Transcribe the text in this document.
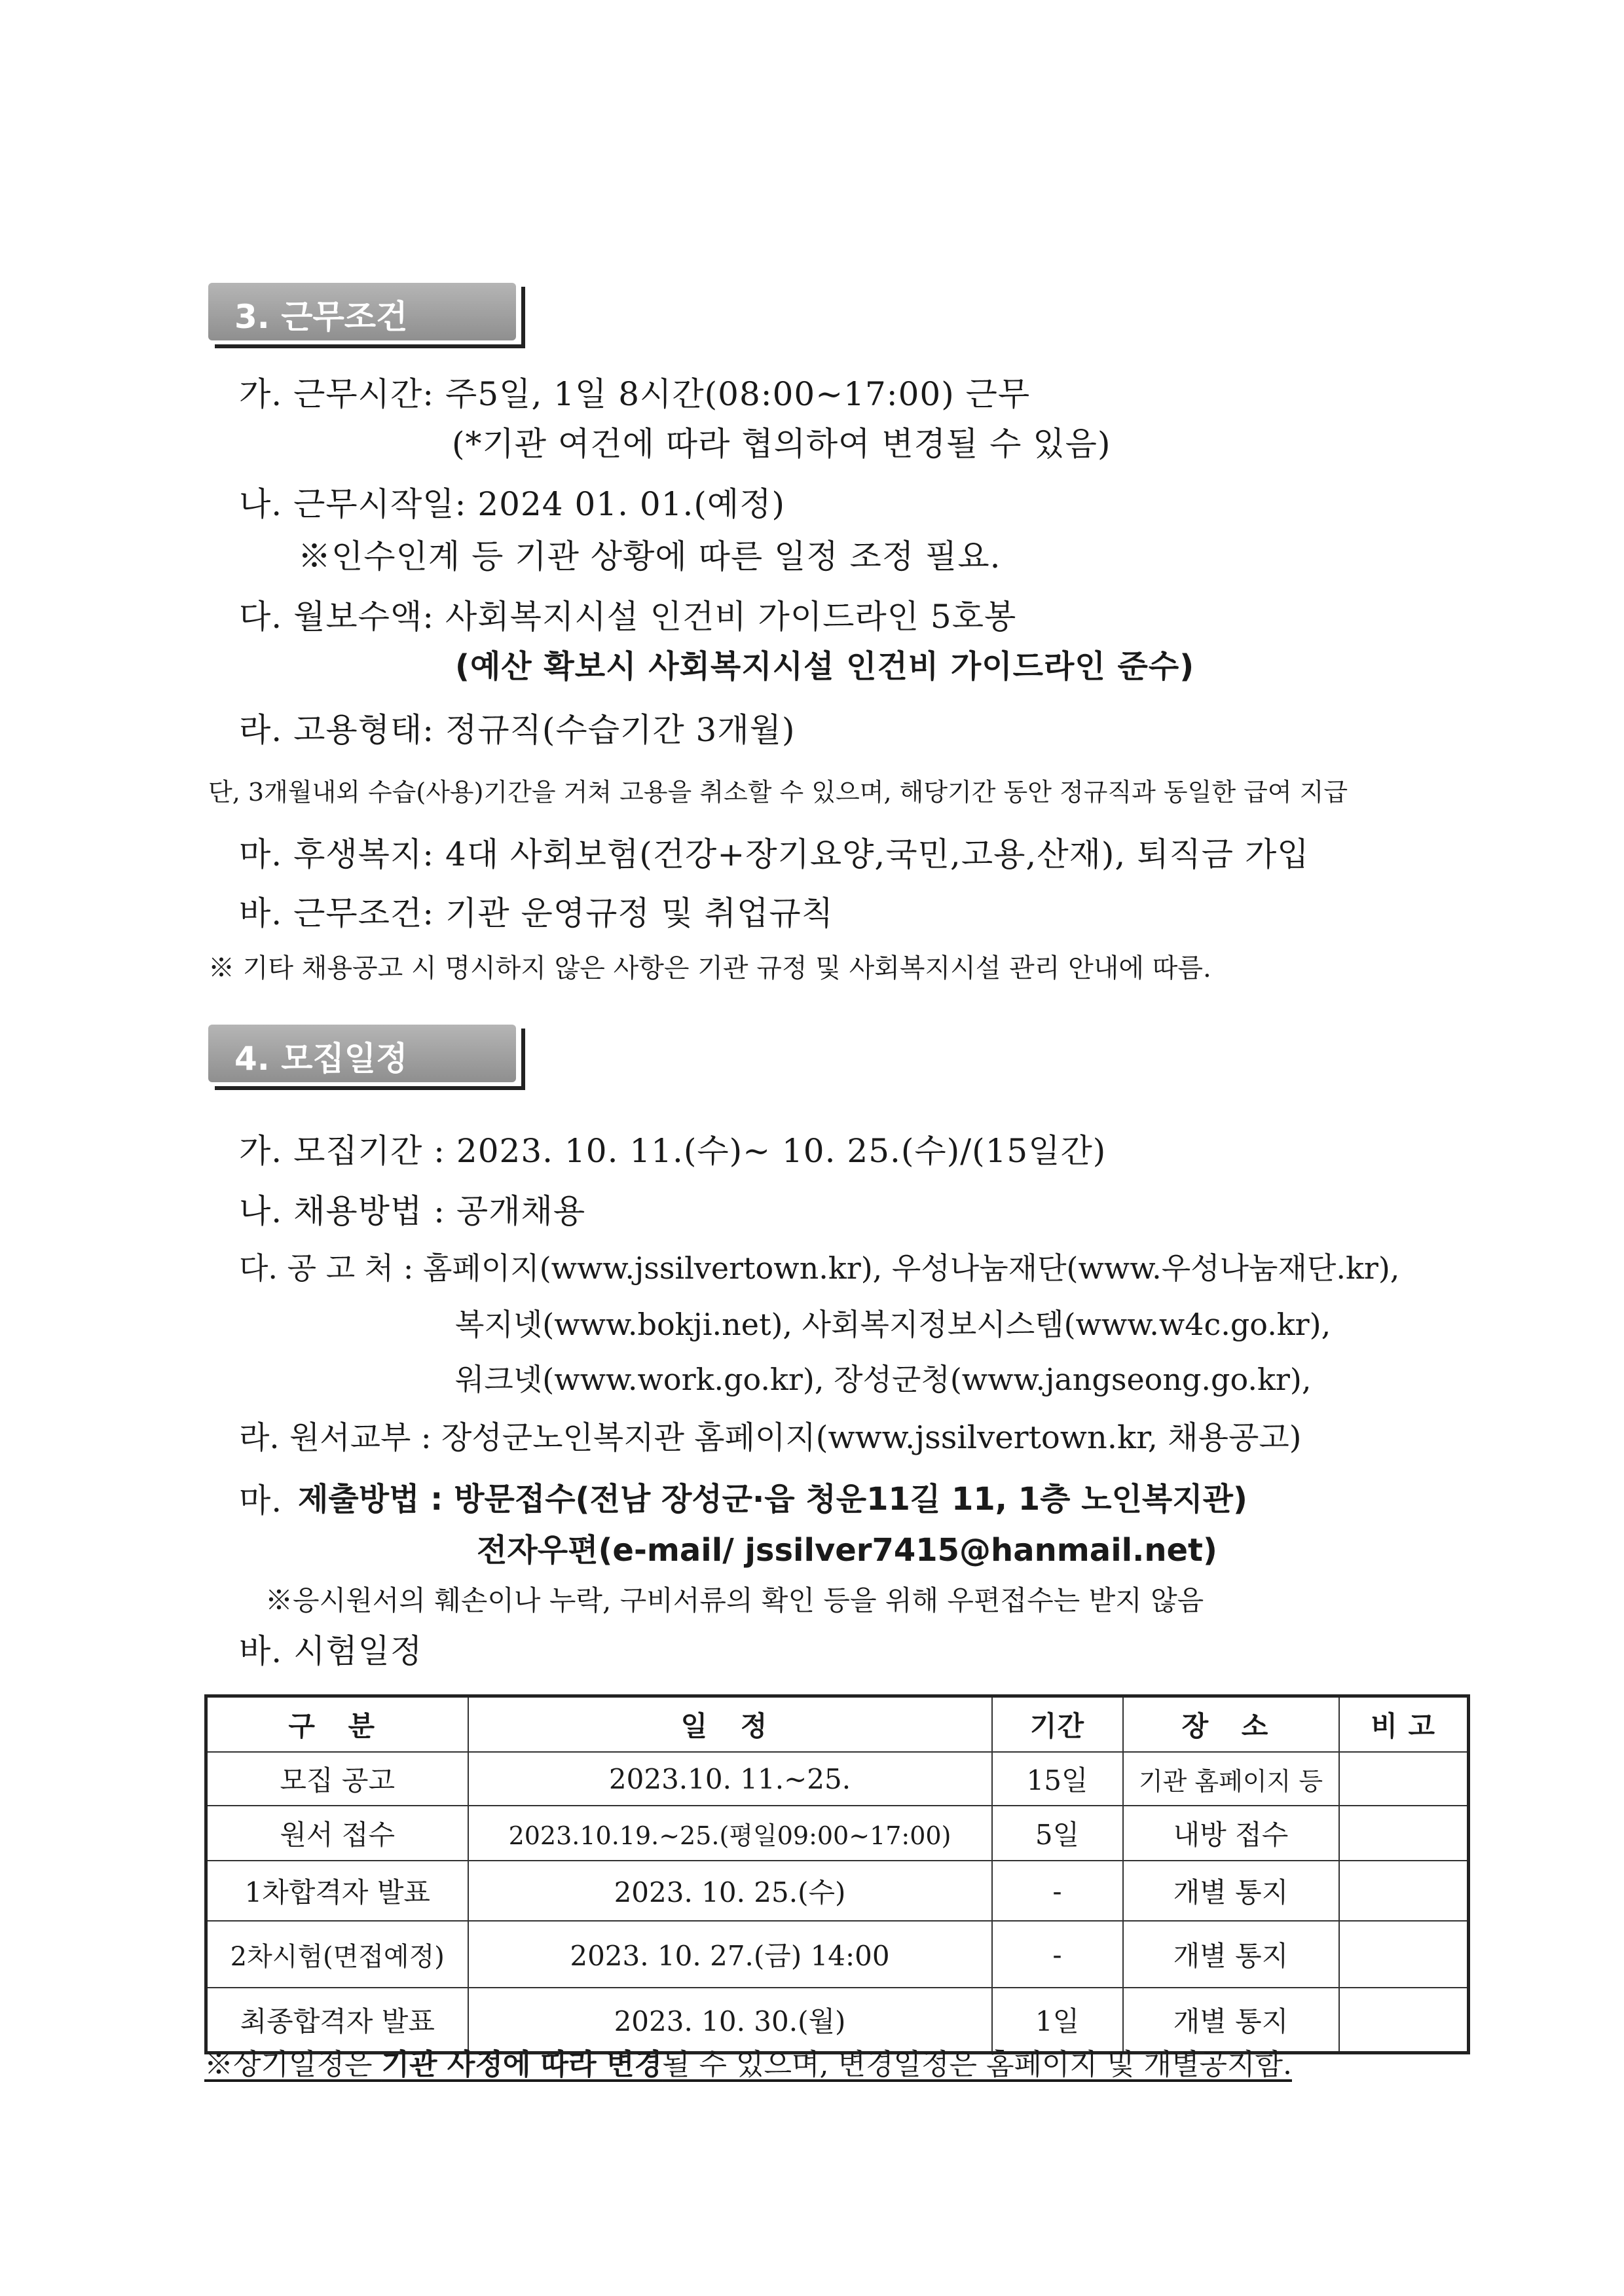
3. 근무조건
가. 근무시간: 주5일, 1일 8시간(08:00~17:00) 근무
(*기관 여건에 따라 협의하여 변경될 수 있음)
나. 근무시작일: 2024 01. 01.(예정)
※인수인계 등 기관 상황에 따른 일정 조정 필요.
다. 월보수액: 사회복지시설 인건비 가이드라인 5호봉
(예산 확보시 사회복지시설 인건비 가이드라인 준수)
라. 고용형태: 정규직(수습기간 3개월)
단, 3개월내외 수습(사용)기간을 거쳐 고용을 취소할 수 있으며, 해당기간 동안 정규직과 동일한 급여 지급
마. 후생복지: 4대 사회보험(건강+장기요양,국민,고용,산재), 퇴직금 가입
바. 근무조건: 기관 운영규정 및 취업규칙
※ 기타 채용공고 시 명시하지 않은 사항은 기관 규정 및 사회복지시설 관리 안내에 따름.
4. 모집일정
가. 모집기간 : 2023. 10. 11.(수)~ 10. 25.(수)/(15일간)
나. 채용방법 : 공개채용
다. 공 고 처 : 홈페이지(www.jssilvertown.kr), 우성나눔재단(www.우성나눔재단.kr),
복지넷(www.bokji.net), 사회복지정보시스템(www.w4c.go.kr),
워크넷(www.work.go.kr), 장성군청(www.jangseong.go.kr),
라. 원서교부 : 장성군노인복지관 홈페이지(www.jssilvertown.kr, 채용공고)
마. 제출방법 : 방문접수(전남 장성군·읍 청운11길 11, 1층 노인복지관)
전자우편(e-mail/ jssilver7415@hanmail.net)
※응시원서의 훼손이나 누락, 구비서류의 확인 등을 위해 우편접수는 받지 않음
바. 시험일정
구 분	일 정	기간	장 소	비 고
모집 공고	2023.10. 11.~25.	15일	기관 홈페이지 등	
원서 접수	2023.10.19.~25.(평일09:00~17:00)	5일	내방 접수	
1차합격자 발표	2023. 10. 25.(수)	-	개별 통지	
2차시험(면접예정)	2023. 10. 27.(금) 14:00	-	개별 통지	
최종합격자 발표	2023. 10. 30.(월)	1일	개별 통지	
※상기일정은 기관 사정에 따라 변경될 수 있으며, 변경일정은 홈페이지 및 개별공지함.
